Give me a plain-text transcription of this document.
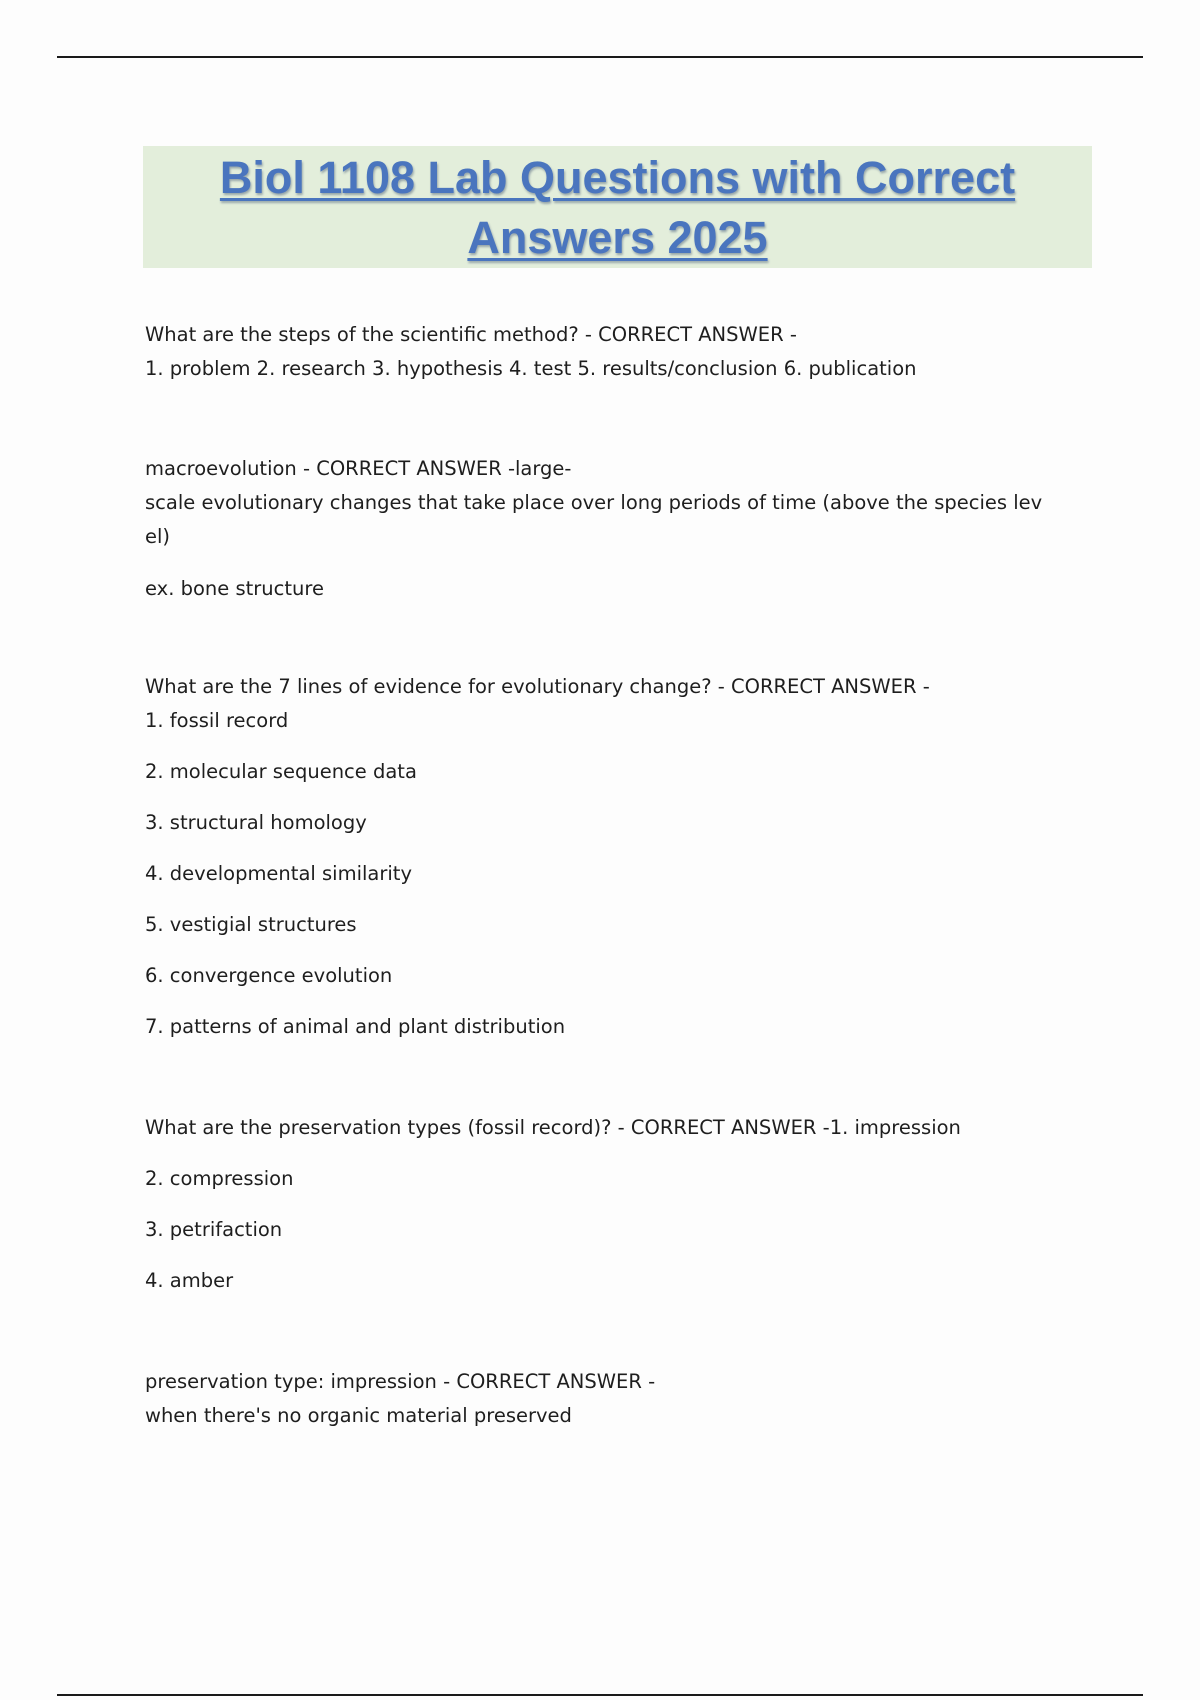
Biol 1108 Lab Questions with Correct
Answers 2025
What are the steps of the scientific method? - CORRECT ANSWER -
1. problem 2. research 3. hypothesis 4. test 5. results/conclusion 6. publication
macroevolution - CORRECT ANSWER -large-
scale evolutionary changes that take place over long periods of time (above the species lev
el)
ex. bone structure
What are the 7 lines of evidence for evolutionary change? - CORRECT ANSWER -
1. fossil record
2. molecular sequence data
3. structural homology
4. developmental similarity
5. vestigial structures
6. convergence evolution
7. patterns of animal and plant distribution
What are the preservation types (fossil record)? - CORRECT ANSWER -1. impression
2. compression
3. petrifaction
4. amber
preservation type: impression - CORRECT ANSWER -
when there's no organic material preserved
